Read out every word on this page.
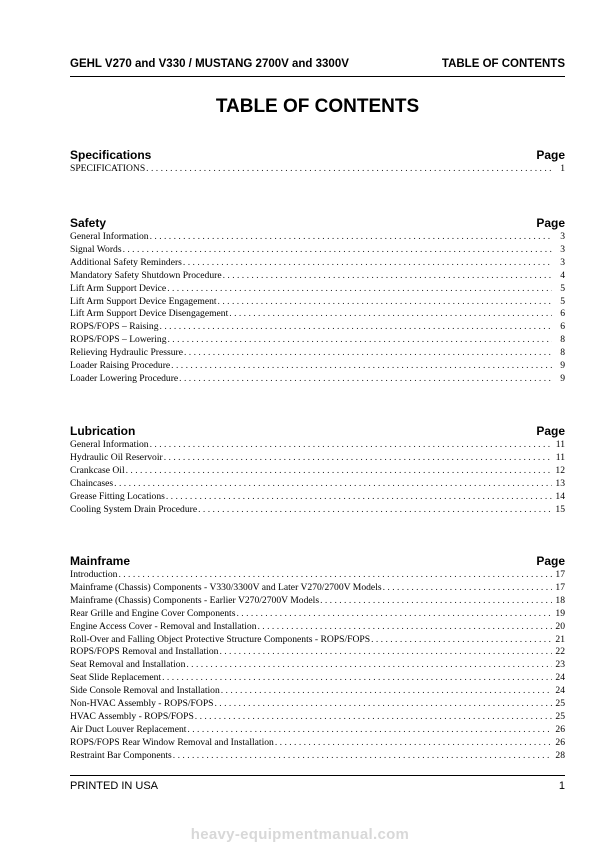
GEHL V270 and V330 / MUSTANG 2700V and 3300V	TABLE OF CONTENTS
TABLE OF CONTENTS
Specifications	Page
SPECIFICATIONS . . .	1
Safety	Page
General Information . . .	3
Signal Words . . .	3
Additional Safety Reminders . . .	3
Mandatory Safety Shutdown Procedure . . .	4
Lift Arm Support Device . . .	5
Lift Arm Support Device Engagement . . .	5
Lift Arm Support Device Disengagement . . .	6
ROPS/FOPS – Raising . . .	6
ROPS/FOPS – Lowering . . .	8
Relieving Hydraulic Pressure . . .	8
Loader Raising Procedure . . .	9
Loader Lowering Procedure . . .	9
Lubrication	Page
General Information . . .	11
Hydraulic Oil Reservoir . . .	11
Crankcase Oil . . .	12
Chaincases . . .	13
Grease Fitting Locations . . .	14
Cooling System Drain Procedure . . .	15
Mainframe	Page
Introduction . . .	17
Mainframe (Chassis) Components - V330/3300V and Later V270/2700V Models . . .	17
Mainframe (Chassis) Components - Earlier V270/2700V Models . . .	18
Rear Grille and Engine Cover Components . . .	19
Engine Access Cover - Removal and Installation . . .	20
Roll-Over and Falling Object Protective Structure Components - ROPS/FOPS . . .	21
ROPS/FOPS Removal and Installation . . .	22
Seat Removal and Installation . . .	23
Seat Slide Replacement . . .	24
Side Console Removal and Installation . . .	24
Non-HVAC Assembly - ROPS/FOPS . . .	25
HVAC Assembly - ROPS/FOPS . . .	25
Air Duct Louver Replacement . . .	26
ROPS/FOPS Rear Window Removal and Installation . . .	26
Restraint Bar Components . . .	28
PRINTED IN USA	1
heavy-equipmentmanual.com
